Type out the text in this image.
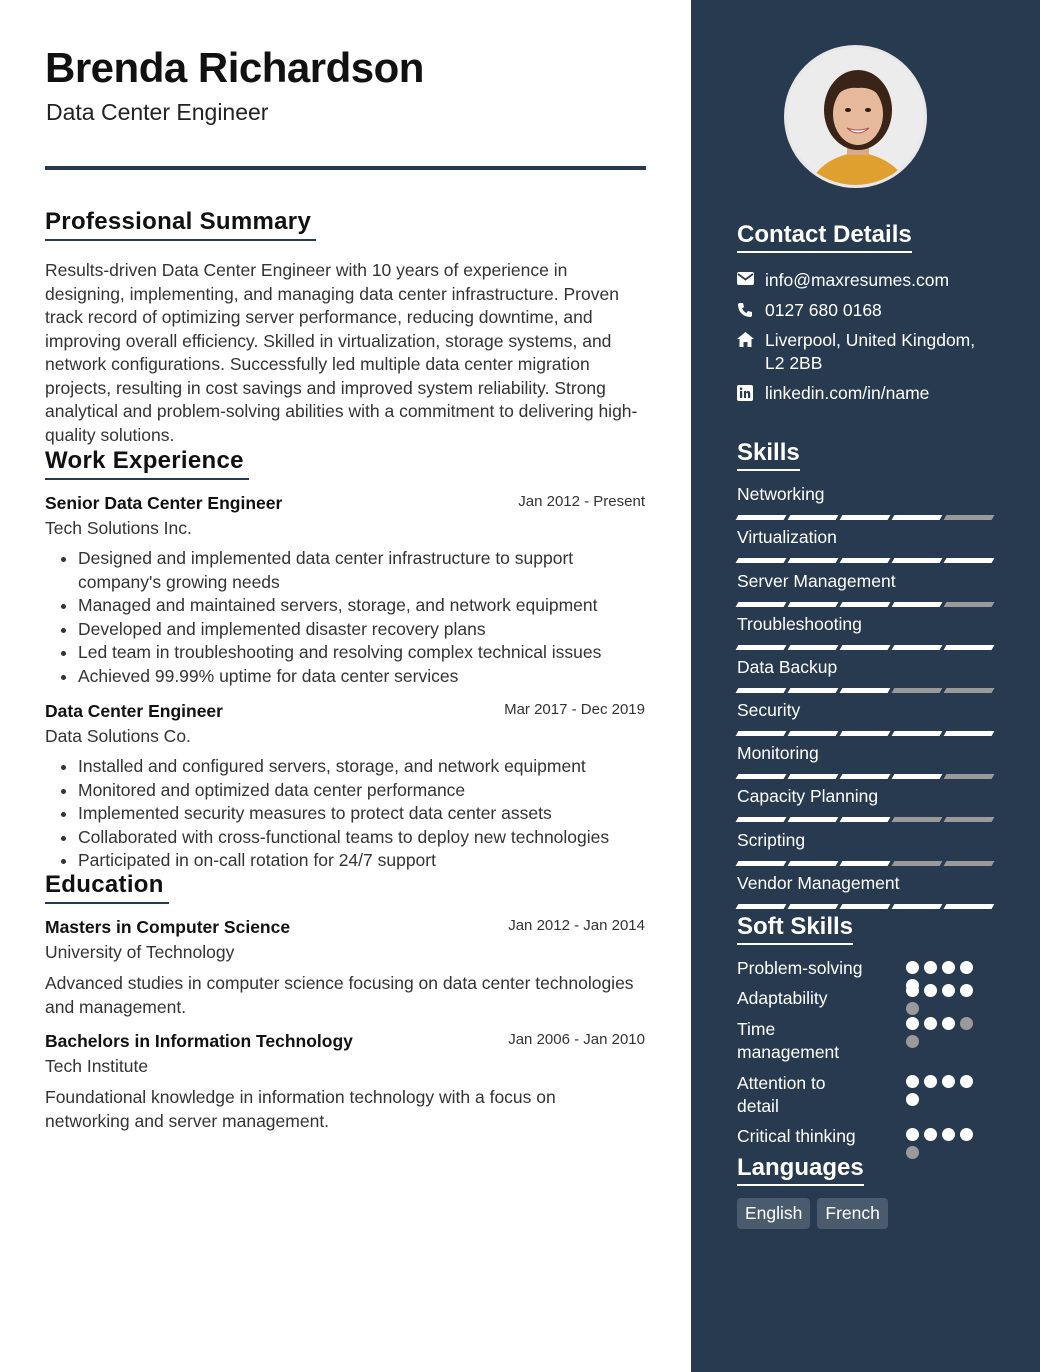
Brenda Richardson
Data Center Engineer
Professional Summary
Results-driven Data Center Engineer with 10 years of experience in designing, implementing, and managing data center infrastructure. Proven track record of optimizing server performance, reducing downtime, and improving overall efficiency. Skilled in virtualization, storage systems, and network configurations. Successfully led multiple data center migration projects, resulting in cost savings and improved system reliability. Strong analytical and problem-solving abilities with a commitment to delivering high-quality solutions.
Work Experience
Senior Data Center Engineer	Jan 2012 - Present
Tech Solutions Inc.
• Designed and implemented data center infrastructure to support company's growing needs
• Managed and maintained servers, storage, and network equipment
• Developed and implemented disaster recovery plans
• Led team in troubleshooting and resolving complex technical issues
• Achieved 99.99% uptime for data center services
Data Center Engineer	Mar 2017 - Dec 2019
Data Solutions Co.
• Installed and configured servers, storage, and network equipment
• Monitored and optimized data center performance
• Implemented security measures to protect data center assets
• Collaborated with cross-functional teams to deploy new technologies
• Participated in on-call rotation for 24/7 support
Education
Masters in Computer Science	Jan 2012 - Jan 2014
University of Technology
Advanced studies in computer science focusing on data center technologies and management.
Bachelors in Information Technology	Jan 2006 - Jan 2010
Tech Institute
Foundational knowledge in information technology with a focus on networking and server management.
Contact Details
info@maxresumes.com
0127 680 0168
Liverpool, United Kingdom,
L2 2BB
linkedin.com/in/name
Skills
Networking
Virtualization
Server Management
Troubleshooting
Data Backup
Security
Monitoring
Capacity Planning
Scripting
Vendor Management
Soft Skills
Problem-solving
Adaptability
Time management
Attention to detail
Critical thinking
Languages
English	French
